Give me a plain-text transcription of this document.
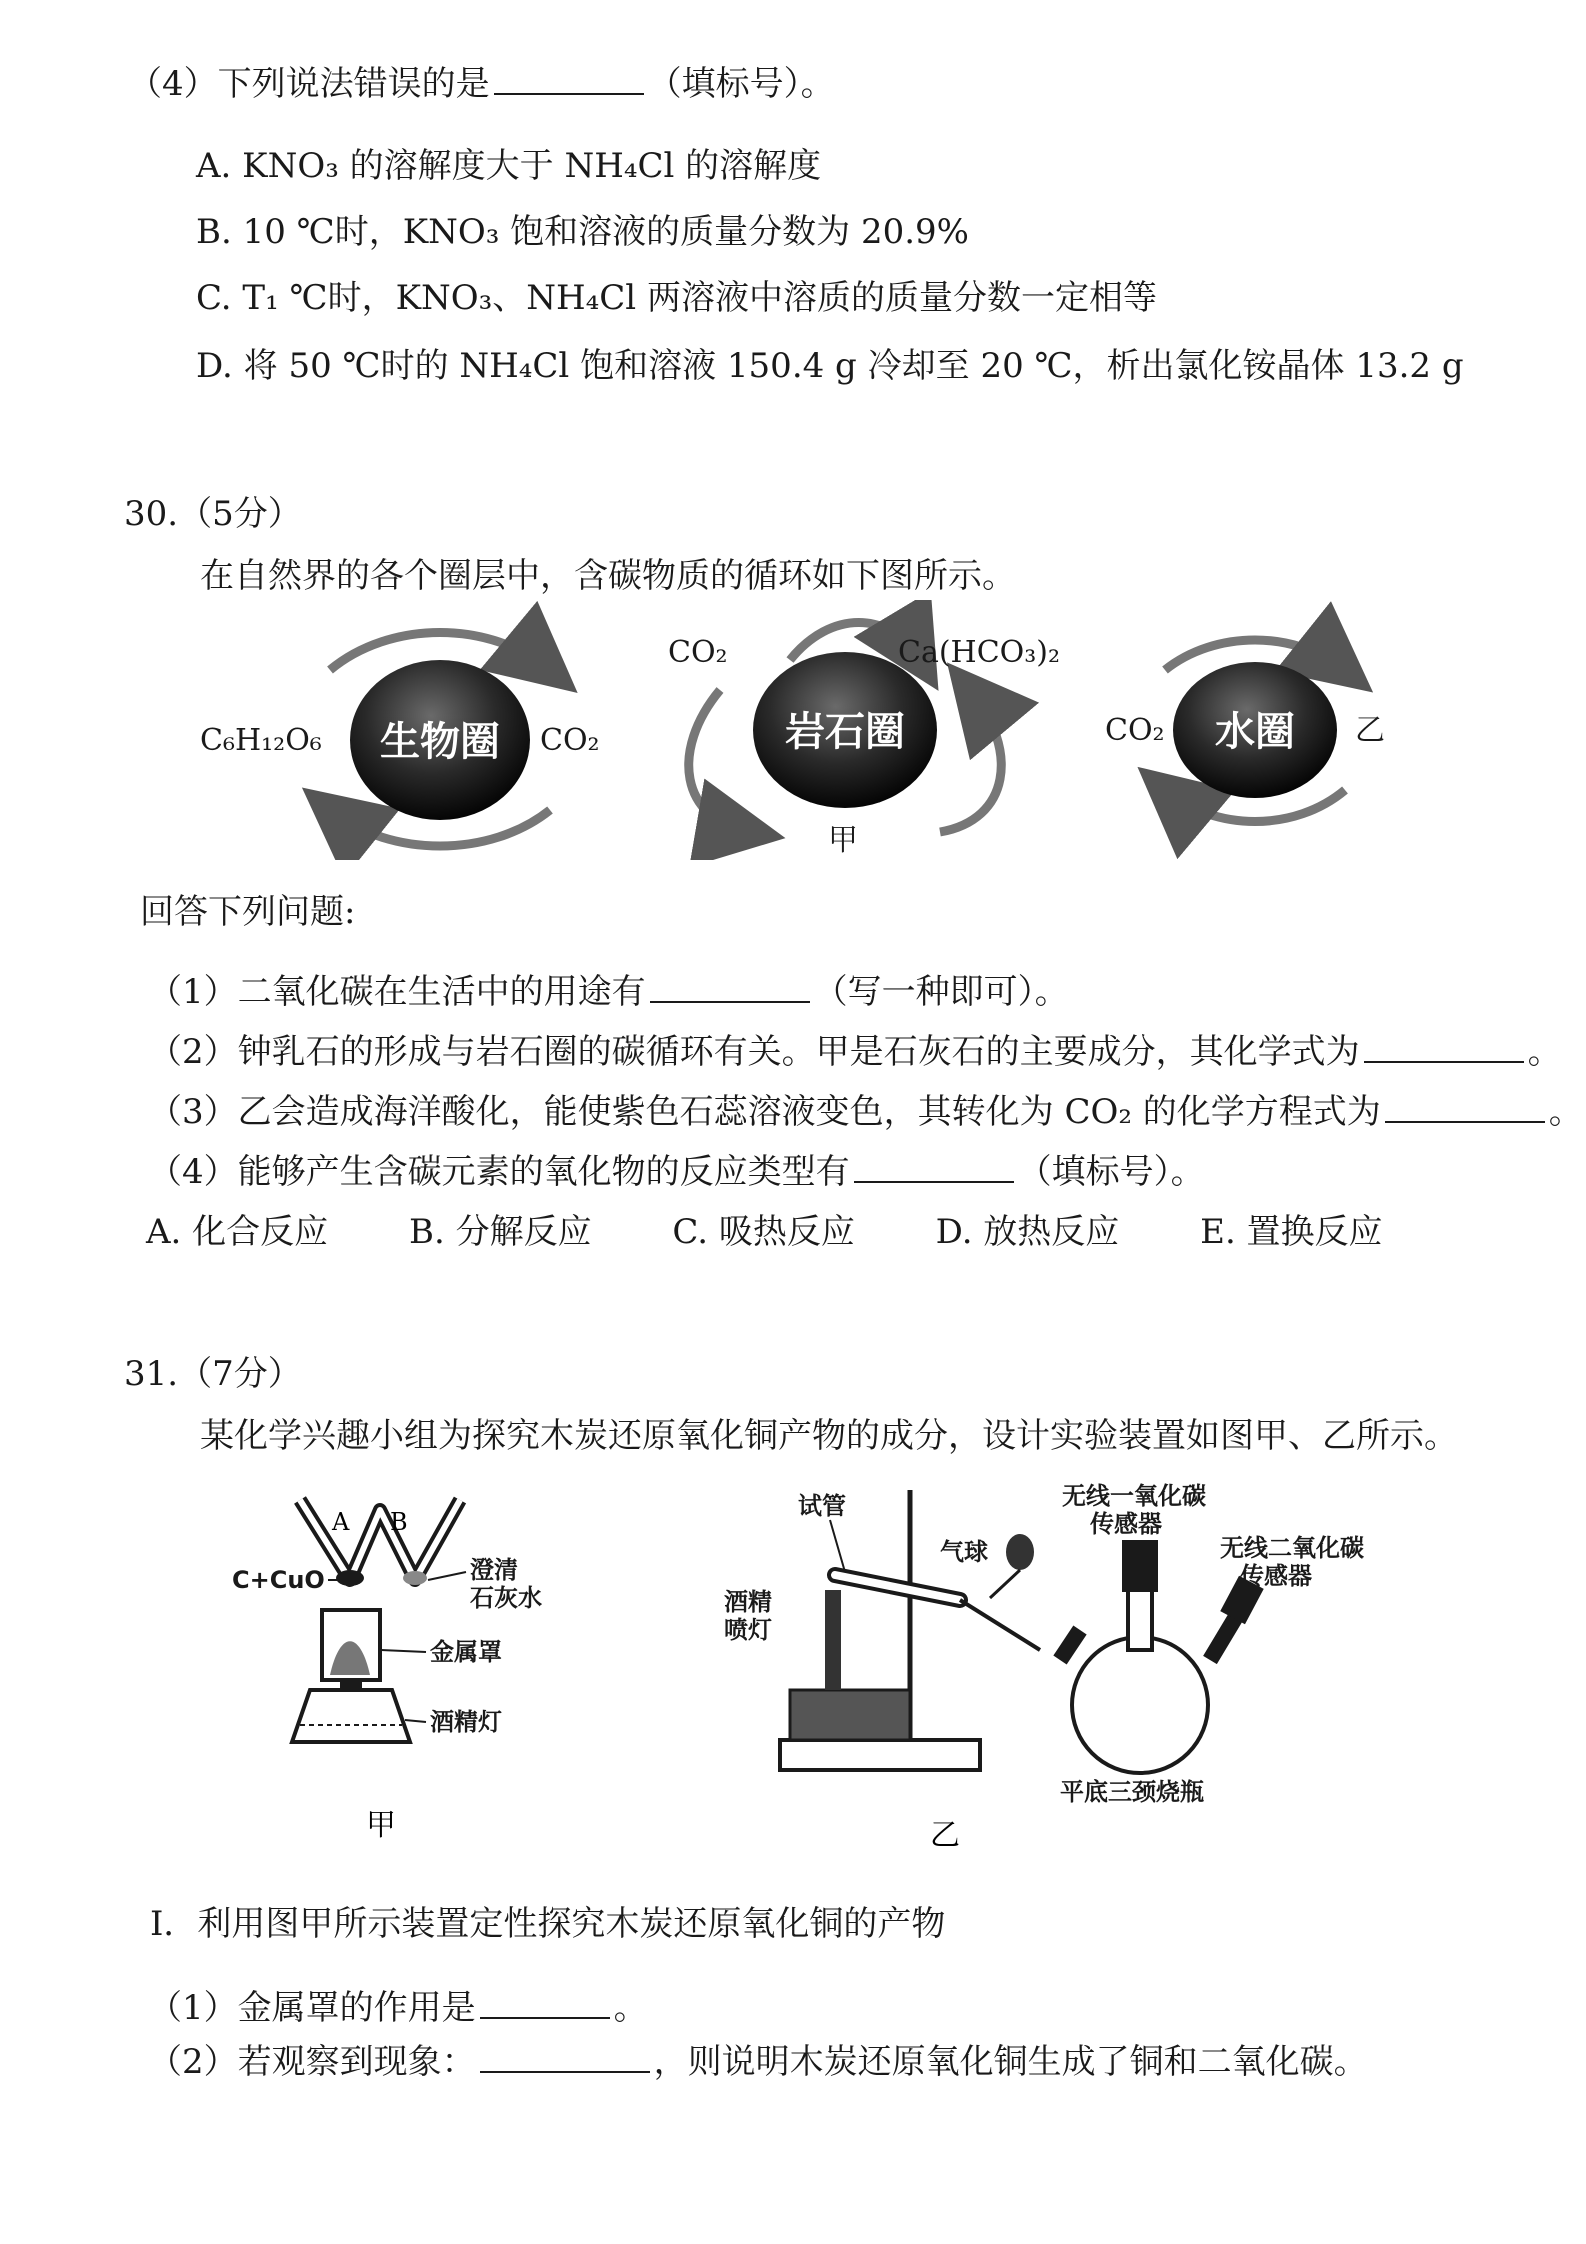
（4）下列说法错误的是	（填标号）。
A. KNO₃ 的溶解度大于 NH₄Cl 的溶解度
B. 10 ℃时，KNO₃ 饱和溶液的质量分数为 20.9%
C. T₁ ℃时，KNO₃、NH₄Cl 两溶液中溶质的质量分数一定相等
D. 将 50 ℃时的 NH₄Cl 饱和溶液 150.4 g 冷却至 20 ℃，析出氯化铵晶体 13.2 g
30.（5分）
在自然界的各个圈层中，含碳物质的循环如下图所示。
生物圈
C₆H₁₂O₆	CO₂	岩石圈
CO₂	Ca(HCO₃)₂
甲
水圈
CO₂	乙
回答下列问题:
（1）二氧化碳在生活中的用途有	（写一种即可）。
（2）钟乳石的形成与岩石圈的碳循环有关。甲是石灰石的主要成分，其化学式为	。
（3）乙会造成海洋酸化，能使紫色石蕊溶液变色，其转化为 CO₂ 的化学方程式为	。
（4）能够产生含碳元素的氧化物的反应类型有	（填标号）。
A. 化合反应 B. 分解反应 C. 吸热反应 D. 放热反应 E. 置换反应
31.（7分）
某化学兴趣小组为探究木炭还原氧化铜产物的成分，设计实验装置如图甲、乙所示。
A B
C+CuO	澄清
石灰水
金属罩
酒精灯
甲
试管
气球
酒精
喷灯
无线一氧化碳
传感器
无线二氧化碳
传感器
平底三颈烧瓶
乙
Ⅰ．利用图甲所示装置定性探究木炭还原氧化铜的产物
（1）金属罩的作用是	。
（2）若观察到现象：	，则说明木炭还原氧化铜生成了铜和二氧化碳。
